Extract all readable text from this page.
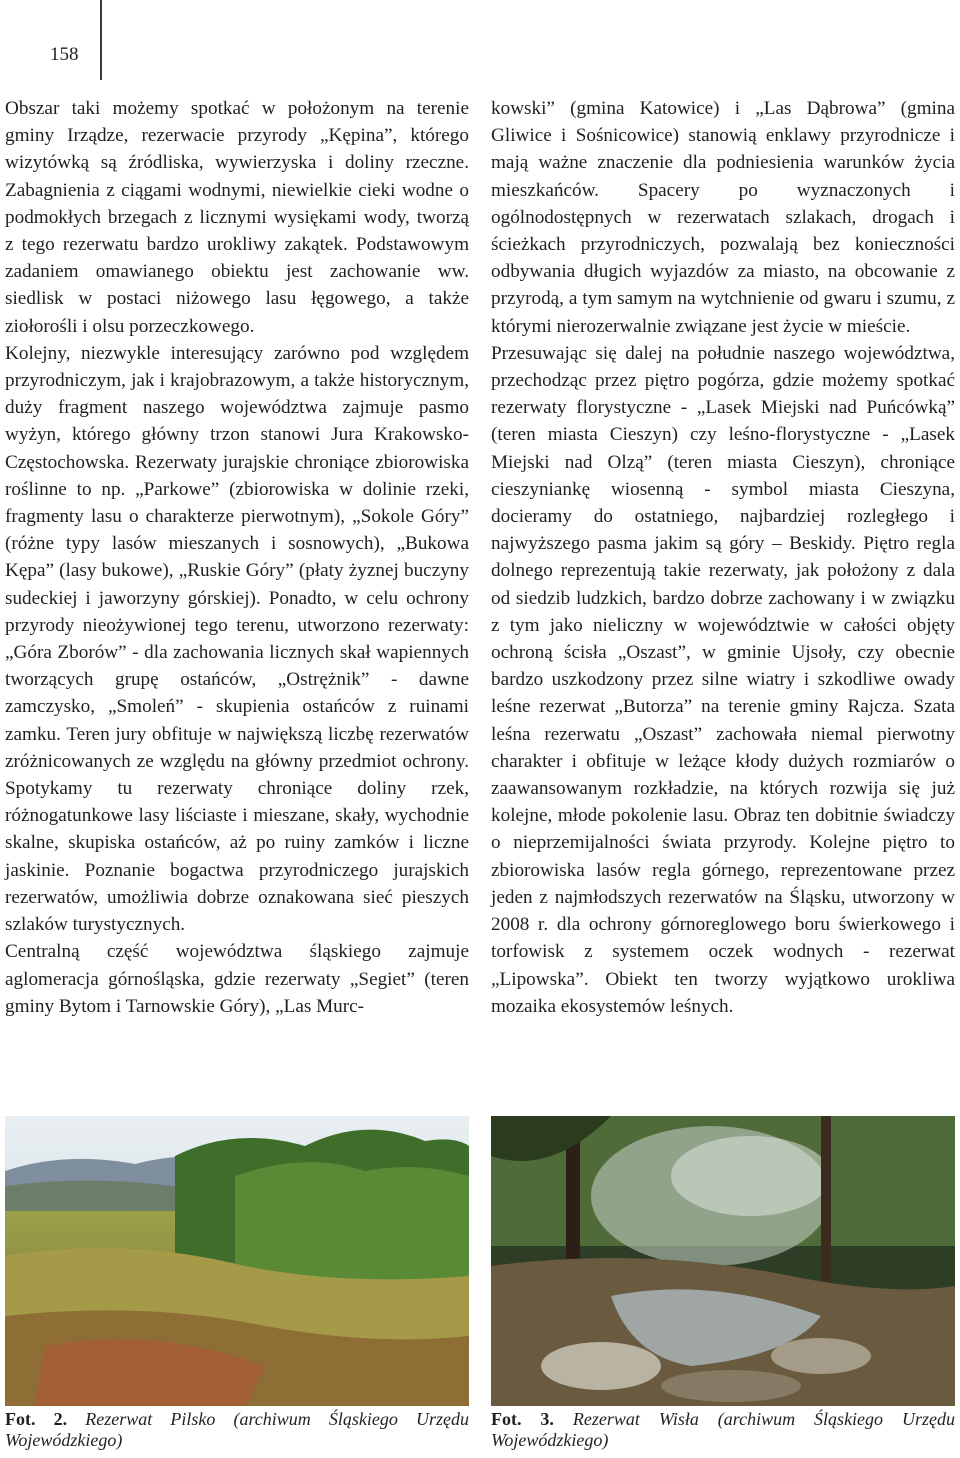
158

Obszar taki możemy spotkać w położonym na terenie gminy Irządze, rezerwacie przyrody „Kępina”, którego wizytówką są źródliska, wywierzyska i doliny rzeczne. Zabagnienia z ciągami wodnymi, niewielkie cieki wodne o podmokłych brzegach z licznymi wysiękami wody, tworzą z tego rezerwatu bardzo urokliwy zakątek. Podstawowym zadaniem omawianego obiektu jest zachowanie ww. siedlisk w postaci niżowego lasu łęgowego, a także ziołorośli i olsu porzeczkowego.

Kolejny, niezwykle interesujący zarówno pod względem przyrodniczym, jak i krajobrazowym, a także historycznym, duży fragment naszego województwa zajmuje pasmo wyżyn, którego główny trzon stanowi Jura Krakowsko-Częstochowska. Rezerwaty jurajskie chroniące zbiorowiska roślinne to np. „Parkowe” (zbiorowiska w dolinie rzeki, fragmenty lasu o charakterze pierwotnym), „Sokole Góry” (różne typy lasów mieszanych i sosnowych), „Bukowa Kępa” (lasy bukowe), „Ruskie Góry” (płaty żyznej buczyny sudeckiej i jaworzyny górskiej). Ponadto, w celu ochrony przyrody nieożywionej tego terenu, utworzono rezerwaty: „Góra Zborów” - dla zachowania licznych skał wapiennych tworzących grupę ostańców, „Ostrężnik” - dawne zamczysko, „Smoleń” - skupienia ostańców z ruinami zamku. Teren jury obfituje w największą liczbę rezerwatów zróżnicowanych ze względu na główny przedmiot ochrony. Spotykamy tu rezerwaty chroniące doliny rzek, różnogatunkowe lasy liściaste i mieszane, skały, wychodnie skalne, skupiska ostańców, aż po ruiny zamków i liczne jaskinie. Poznanie bogactwa przyrodniczego jurajskich rezerwatów, umożliwia dobrze oznakowana sieć pieszych szlaków turystycznych.

Centralną część województwa śląskiego zajmuje aglomeracja górnośląska, gdzie rezerwaty „Segiet” (teren gminy Bytom i Tarnowskie Góry), „Las Murc-

kowski” (gmina Katowice) i „Las Dąbrowa” (gmina Gliwice i Sośnicowice) stanowią enklawy przyrodnicze i mają ważne znaczenie dla podniesienia warunków życia mieszkańców. Spacery po wyznaczonych i ogólnodostępnych w rezerwatach szlakach, drogach i ścieżkach przyrodniczych, pozwalają bez konieczności odbywania długich wyjazdów za miasto, na obcowanie z przyrodą, a tym samym na wytchnienie od gwaru i szumu, z którymi nierozerwalnie związane jest życie w mieście.

Przesuwając się dalej na południe naszego województwa, przechodząc przez piętro pogórza, gdzie możemy spotkać rezerwaty florystyczne - „Lasek Miejski nad Puńcówką” (teren miasta Cieszyn) czy leśno-florystyczne - „Lasek Miejski nad Olzą” (teren miasta Cieszyn), chroniące cieszyniankę wiosenną - symbol miasta Cieszyna, docieramy do ostatniego, najbardziej rozległego i najwyższego pasma jakim są góry – Beskidy. Piętro regla dolnego reprezentują takie rezerwaty, jak położony z dala od siedzib ludzkich, bardzo dobrze zachowany i w związku z tym jako nieliczny w województwie w całości objęty ochroną ścisła „Oszast”, w gminie Ujsoły, czy obecnie bardzo uszkodzony przez silne wiatry i szkodliwe owady leśne rezerwat „Butorza” na terenie gminy Rajcza. Szata leśna rezerwatu „Oszast” zachowała niemal pierwotny charakter i obfituje w leżące kłody dużych rozmiarów o zaawansowanym rozkładzie, na których rozwija się już kolejne, młode pokolenie lasu. Obraz ten dobitnie świadczy o nieprzemijalności świata przyrody. Kolejne piętro to zbiorowiska lasów regla górnego, reprezentowane przez jeden z najmłodszych rezerwatów na Śląsku, utworzony w 2008 r. dla ochrony górnoreglowego boru świerkowego i torfowisk z systemem oczek wodnych - rezerwat „Lipowska”. Obiekt ten tworzy wyjątkowo urokliwa mozaika ekosystemów leśnych.

Fot. 2. Rezerwat Pilsko (archiwum Śląskiego Urzędu Wojewódzkiego)
Fot. 3. Rezerwat Wisła (archiwum Śląskiego Urzędu Wojewódzkiego)
